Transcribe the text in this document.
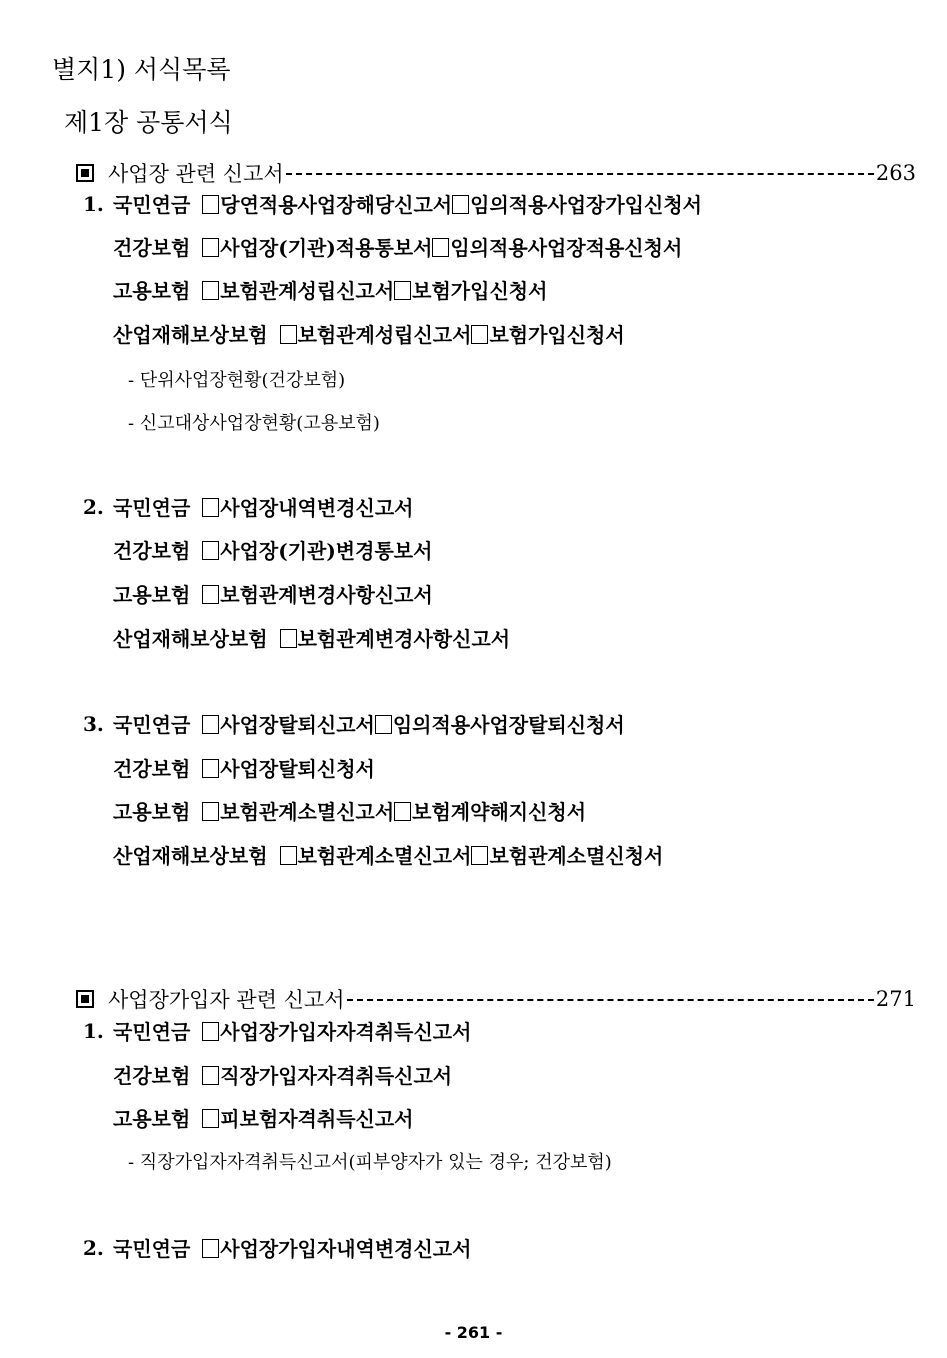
별지1) 서식목록
제1장 공통서식
사업장 관련 신고서	263
1. 국민연금 당연적용사업장해당신고서 임의적용사업장가입신청서
건강보험 사업장(기관)적용통보서 임의적용사업장적용신청서
고용보험 보험관계성립신고서 보험가입신청서
산업재해보상보험 보험관계성립신고서 보험가입신청서
- 단위사업장현황(건강보험)
- 신고대상사업장현황(고용보험)
2. 국민연금 사업장내역변경신고서
건강보험 사업장(기관)변경통보서
고용보험 보험관계변경사항신고서
산업재해보상보험 보험관계변경사항신고서
3. 국민연금 사업장탈퇴신고서 임의적용사업장탈퇴신청서
건강보험 사업장탈퇴신청서
고용보험 보험관계소멸신고서 보험계약해지신청서
산업재해보상보험 보험관계소멸신고서 보험관계소멸신청서
사업장가입자 관련 신고서	271
1. 국민연금 사업장가입자자격취득신고서
건강보험 직장가입자자격취득신고서
고용보험 피보험자격취득신고서
- 직장가입자자격취득신고서(피부양자가 있는 경우; 건강보험)
2. 국민연금 사업장가입자내역변경신고서
- 261 -
